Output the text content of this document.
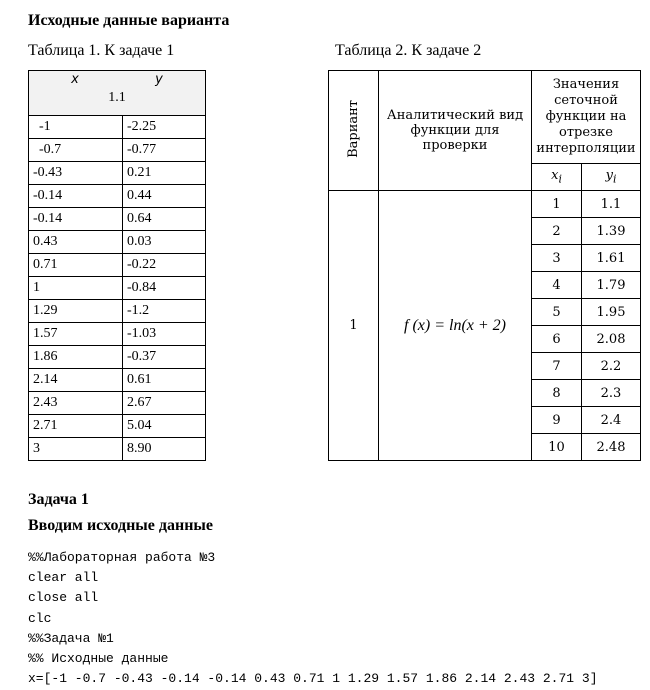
Исходные данные варианта
Таблица 1. К задаче 1	Таблица 2. К задаче 2
x y
1.1	

-1	-2.25
-0.7	-0.77
-0.43	0.21
-0.14	0.44
-0.14	0.64
0.43	0.03
0.71	-0.22
1	-0.84
1.29	-1.2
1.57	-1.03
1.86	-0.37
2.14	0.61
2.43	2.67
2.71	5.04
3	8.90
Вариант	Аналитический вид функции для проверки	Значения сеточной функции на отрезке интерполяции	
		$x_i$	$y_i$
1	f (x) = ln(x + 2)	1	1.1
		2	1.39
		3	1.61
		4	1.79
		5	1.95
		6	2.08
		7	2.2
		8	2.3
		9	2.4
		10	2.48
Задача 1
Вводим исходные данные
%%Лабораторная работа №3
clear all
close all
clc
%%Задача №1
%% Исходные данные
x=[-1 -0.7 -0.43 -0.14 -0.14 0.43 0.71 1 1.29 1.57 1.86 2.14 2.43 2.71 3]
